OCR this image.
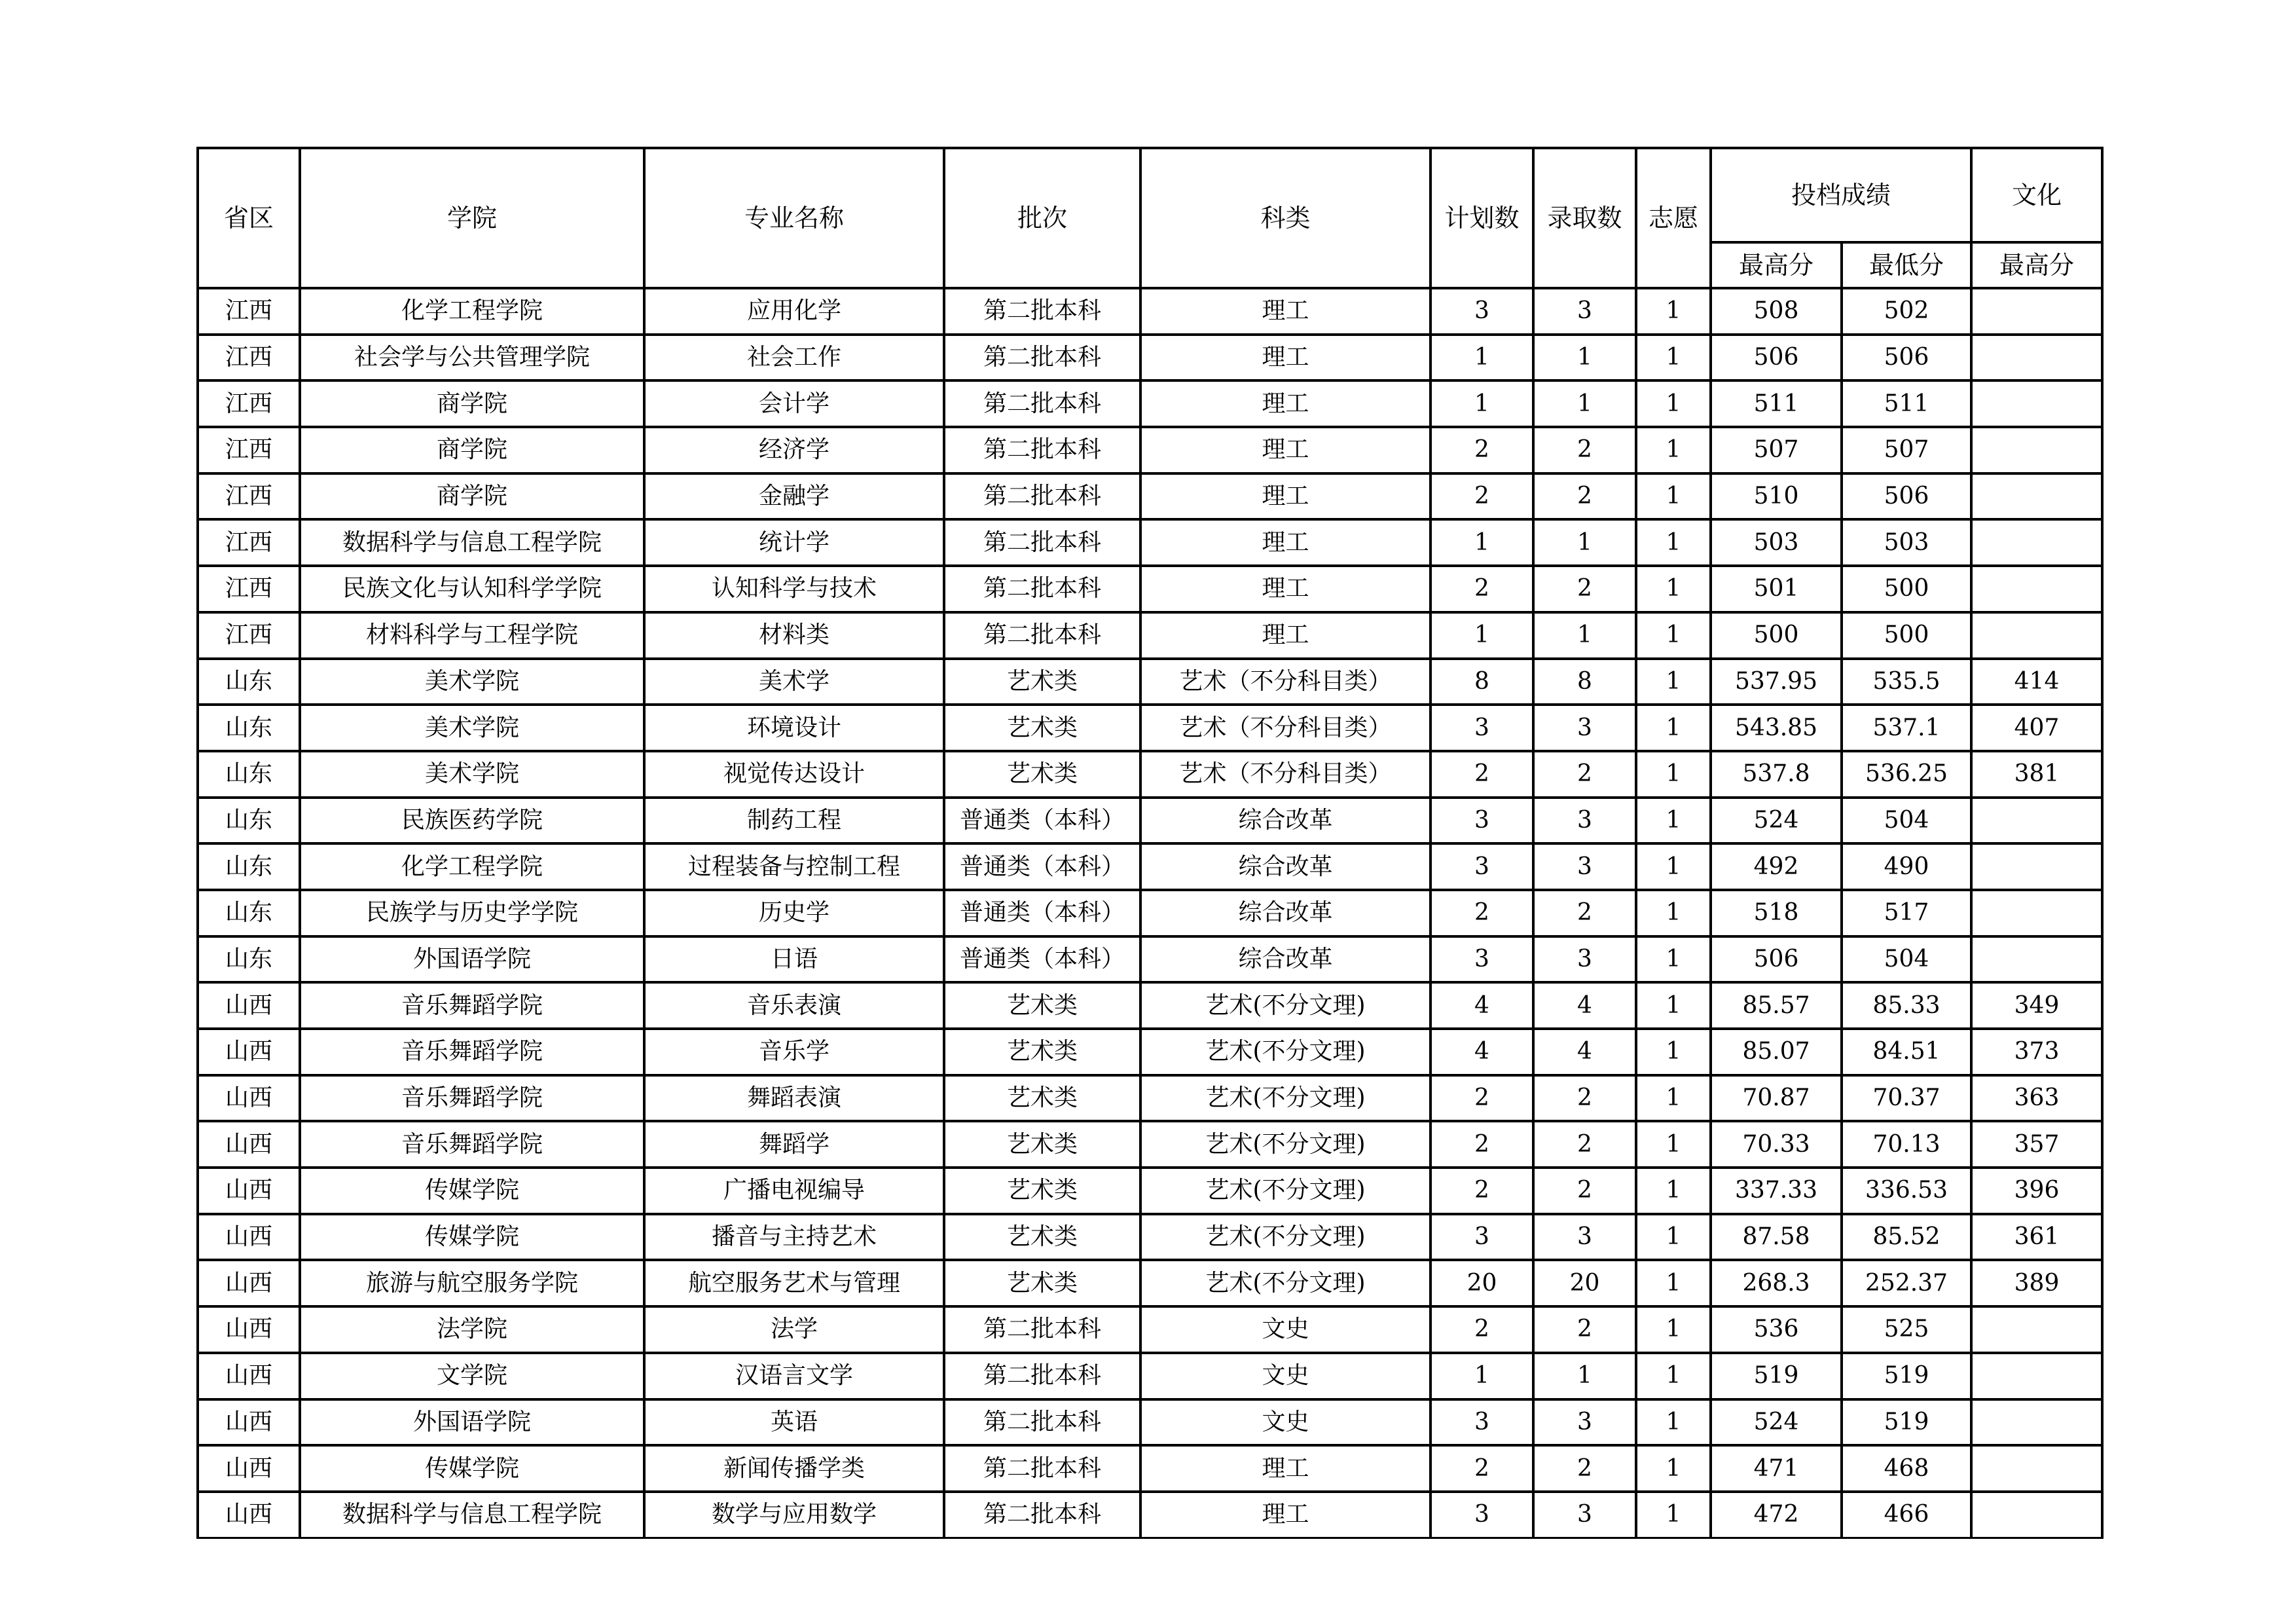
省区	学院	专业名称	批次	科类	计划数	录取数	志愿	投档成绩		文化
								最高分	最低分	最高分
江西	化学工程学院	应用化学	第二批本科	理工	3	3	1	508	502	
江西	社会学与公共管理学院	社会工作	第二批本科	理工	1	1	1	506	506	
江西	商学院	会计学	第二批本科	理工	1	1	1	511	511	
江西	商学院	经济学	第二批本科	理工	2	2	1	507	507	
江西	商学院	金融学	第二批本科	理工	2	2	1	510	506	
江西	数据科学与信息工程学院	统计学	第二批本科	理工	1	1	1	503	503	
江西	民族文化与认知科学学院	认知科学与技术	第二批本科	理工	2	2	1	501	500	
江西	材料科学与工程学院	材料类	第二批本科	理工	1	1	1	500	500	
山东	美术学院	美术学	艺术类	艺术（不分科目类）	8	8	1	537.95	535.5	414
山东	美术学院	环境设计	艺术类	艺术（不分科目类）	3	3	1	543.85	537.1	407
山东	美术学院	视觉传达设计	艺术类	艺术（不分科目类）	2	2	1	537.8	536.25	381
山东	民族医药学院	制药工程	普通类（本科）	综合改革	3	3	1	524	504	
山东	化学工程学院	过程装备与控制工程	普通类（本科）	综合改革	3	3	1	492	490	
山东	民族学与历史学学院	历史学	普通类（本科）	综合改革	2	2	1	518	517	
山东	外国语学院	日语	普通类（本科）	综合改革	3	3	1	506	504	
山西	音乐舞蹈学院	音乐表演	艺术类	艺术(不分文理)	4	4	1	85.57	85.33	349
山西	音乐舞蹈学院	音乐学	艺术类	艺术(不分文理)	4	4	1	85.07	84.51	373
山西	音乐舞蹈学院	舞蹈表演	艺术类	艺术(不分文理)	2	2	1	70.87	70.37	363
山西	音乐舞蹈学院	舞蹈学	艺术类	艺术(不分文理)	2	2	1	70.33	70.13	357
山西	传媒学院	广播电视编导	艺术类	艺术(不分文理)	2	2	1	337.33	336.53	396
山西	传媒学院	播音与主持艺术	艺术类	艺术(不分文理)	3	3	1	87.58	85.52	361
山西	旅游与航空服务学院	航空服务艺术与管理	艺术类	艺术(不分文理)	20	20	1	268.3	252.37	389
山西	法学院	法学	第二批本科	文史	2	2	1	536	525	
山西	文学院	汉语言文学	第二批本科	文史	1	1	1	519	519	
山西	外国语学院	英语	第二批本科	文史	3	3	1	524	519	
山西	传媒学院	新闻传播学类	第二批本科	理工	2	2	1	471	468	
山西	数据科学与信息工程学院	数学与应用数学	第二批本科	理工	3	3	1	472	466	
